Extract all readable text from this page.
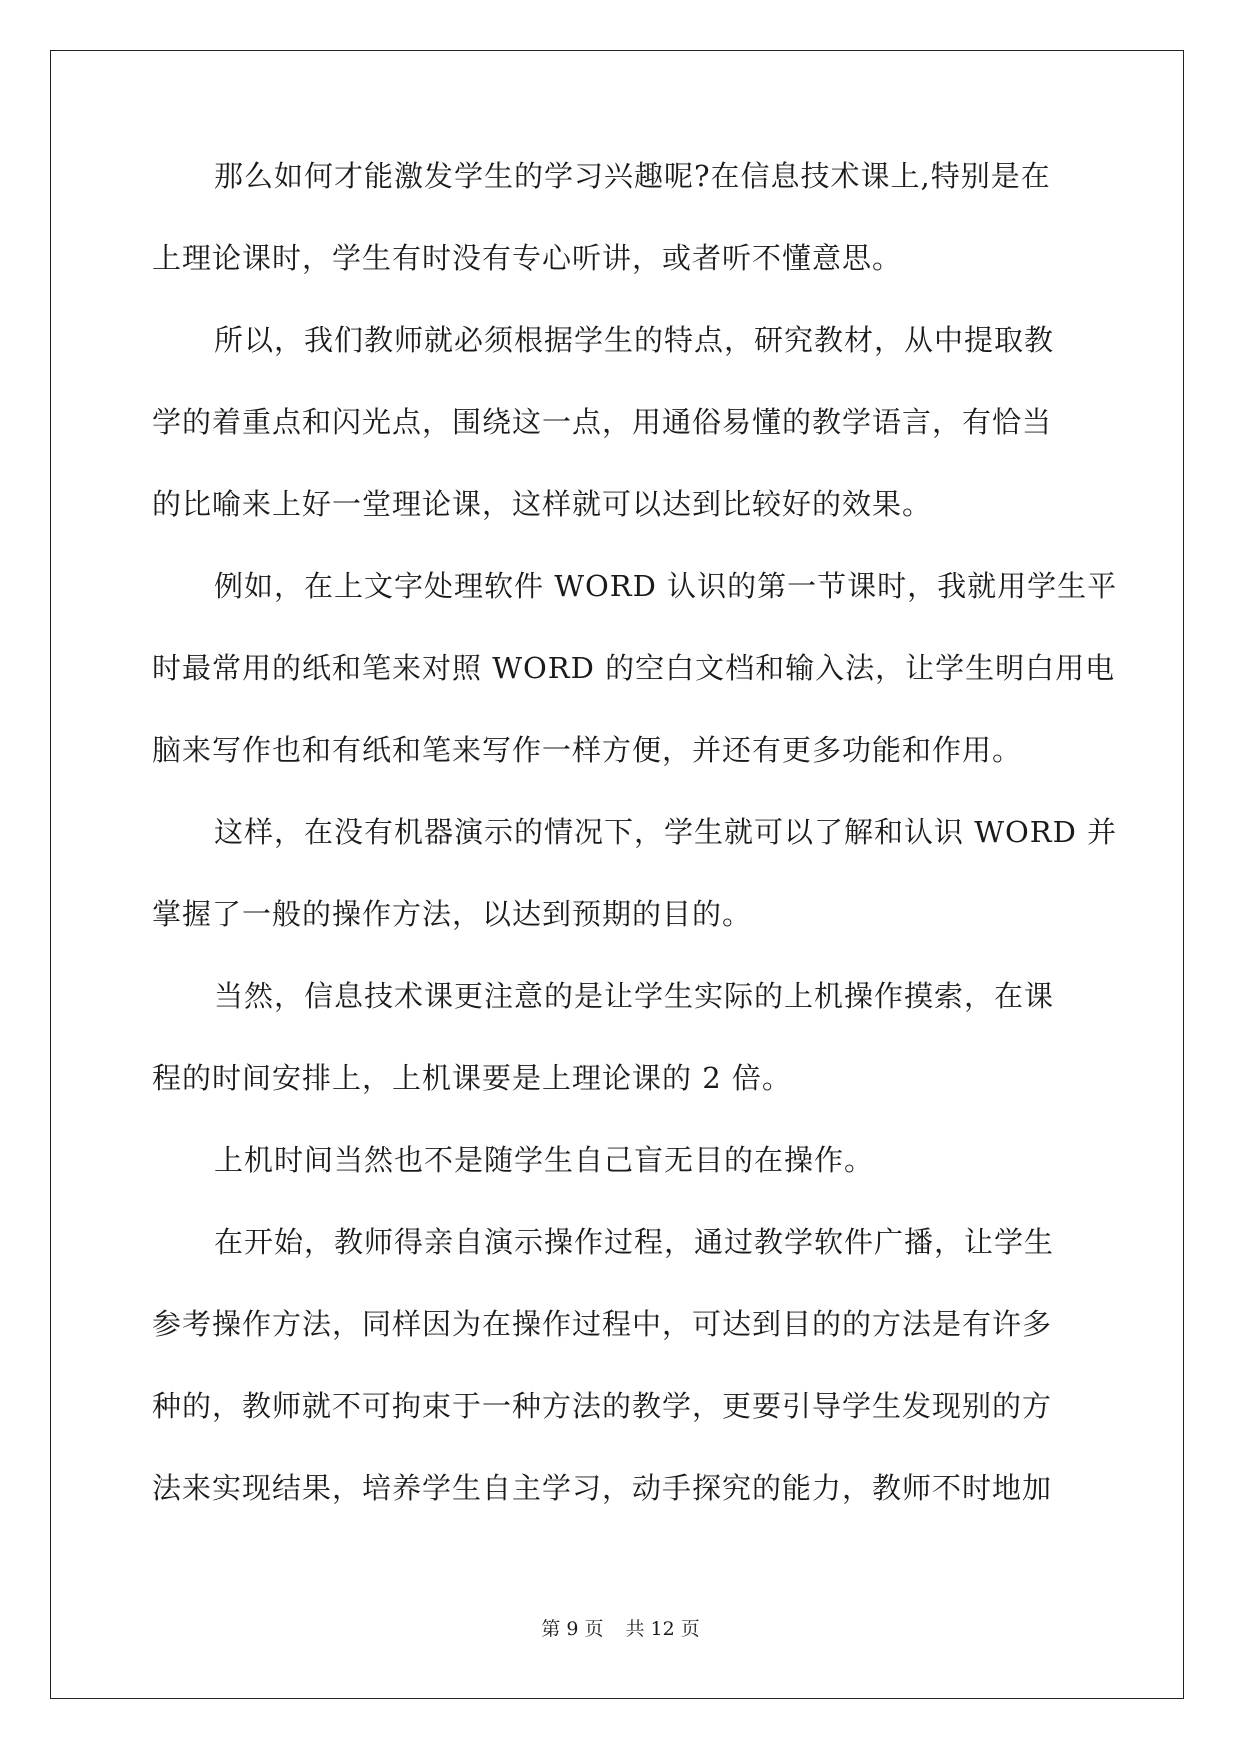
那么如何才能激发学生的学习兴趣呢?在信息技术课上,特别是在
上理论课时，学生有时没有专心听讲，或者听不懂意思。
所以，我们教师就必须根据学生的特点，研究教材，从中提取教
学的着重点和闪光点，围绕这一点，用通俗易懂的教学语言，有恰当
的比喻来上好一堂理论课，这样就可以达到比较好的效果。
例如，在上文字处理软件 WORD 认识的第一节课时，我就用学生平
时最常用的纸和笔来对照 WORD 的空白文档和输入法，让学生明白用电
脑来写作也和有纸和笔来写作一样方便，并还有更多功能和作用。
这样，在没有机器演示的情况下，学生就可以了解和认识 WORD 并
掌握了一般的操作方法，以达到预期的目的。
当然，信息技术课更注意的是让学生实际的上机操作摸索，在课
程的时间安排上，上机课要是上理论课的 2 倍。
上机时间当然也不是随学生自己盲无目的在操作。
在开始，教师得亲自演示操作过程，通过教学软件广播，让学生
参考操作方法，同样因为在操作过程中，可达到目的的方法是有许多
种的，教师就不可拘束于一种方法的教学，更要引导学生发现别的方
法来实现结果，培养学生自主学习，动手探究的能力，教师不时地加
第 9 页 共 12 页
